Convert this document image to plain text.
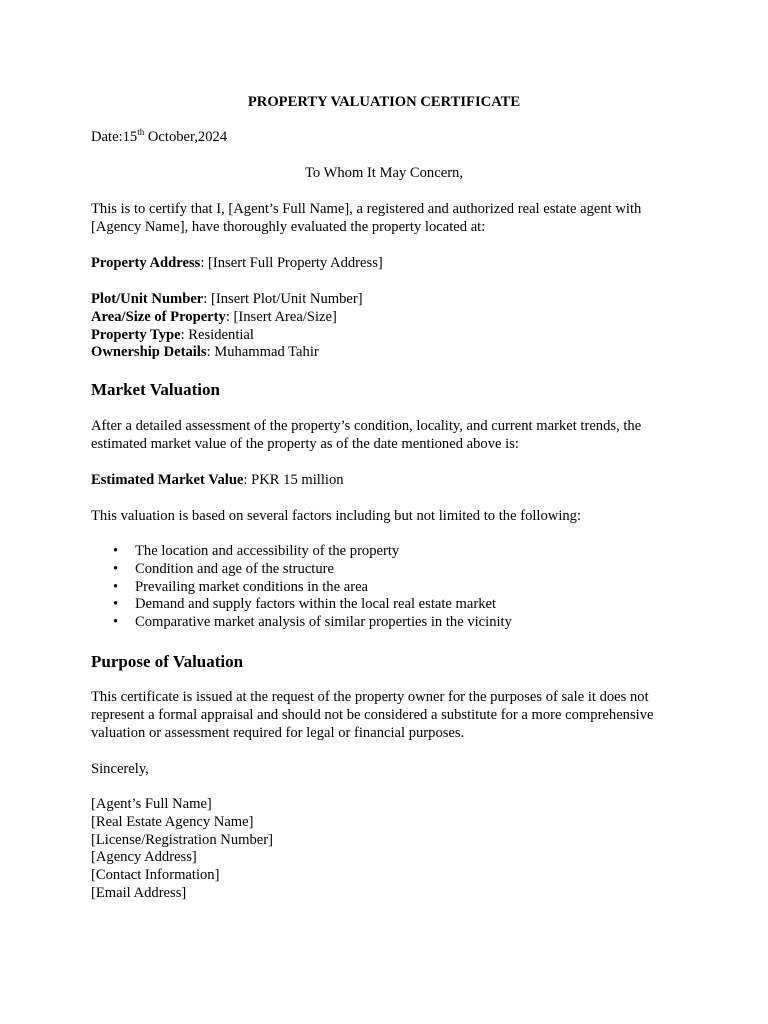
PROPERTY VALUATION CERTIFICATE
Date:15th October,2024
To Whom It May Concern,
This is to certify that I, [Agent’s Full Name], a registered and authorized real estate agent with [Agency Name], have thoroughly evaluated the property located at:
Property Address: [Insert Full Property Address]
Plot/Unit Number: [Insert Plot/Unit Number]
Area/Size of Property: [Insert Area/Size]
Property Type: Residential
Ownership Details: Muhammad Tahir
Market Valuation
After a detailed assessment of the property’s condition, locality, and current market trends, the estimated market value of the property as of the date mentioned above is:
Estimated Market Value: PKR 15 million
This valuation is based on several factors including but not limited to the following:
• The location and accessibility of the property
• Condition and age of the structure
• Prevailing market conditions in the area
• Demand and supply factors within the local real estate market
• Comparative market analysis of similar properties in the vicinity
Purpose of Valuation
This certificate is issued at the request of the property owner for the purposes of sale it does not represent a formal appraisal and should not be considered a substitute for a more comprehensive valuation or assessment required for legal or financial purposes.
Sincerely,
[Agent’s Full Name]
[Real Estate Agency Name]
[License/Registration Number]
[Agency Address]
[Contact Information]
[Email Address]
